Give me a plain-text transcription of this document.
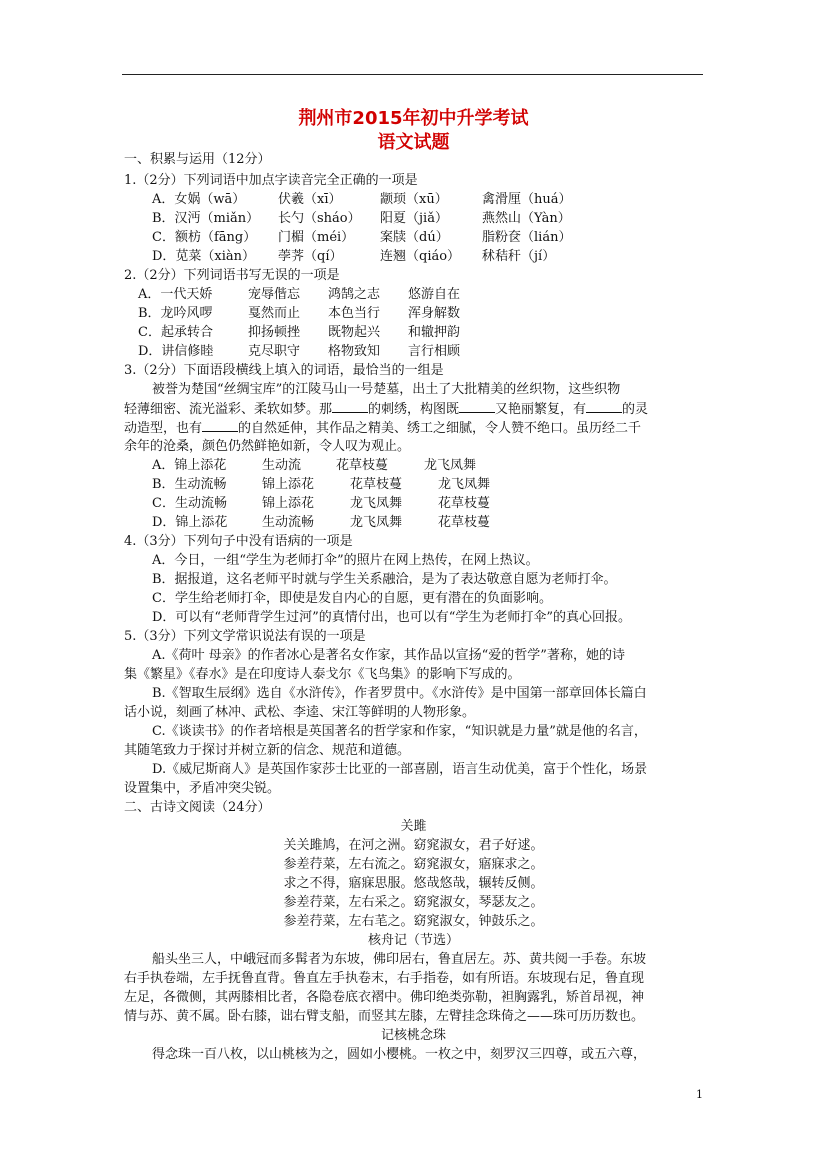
荆州市2015年初中升学考试
语文试题
一、积累与运用（12分）
1.（2分）下列词语中加点字读音完全正确的一项是
A．女娲（wā）	伏羲（xī）	颛顼（xū）	禽滑厘（huá）
B．汉沔（miǎn） 长勺（sháo） 阳夏（jiǎ）	燕然山（Yàn）
C．额枋（fāng） 门楣（méi） 案牍（dú）	脂粉奁（lián）
D．苋菜（xiàn） 荸荠（qí）	连翘（qiáo） 秫秸秆（jí）
2.（2分）下列词语书写无误的一项是
A．一代天娇	宠辱偕忘 鸿鹄之志 悠游自在
B．龙吟风啰	戛然而止 本色当行 浑身解数
C．起承转合	抑扬顿挫 既物起兴 和辙押韵
D．讲信修睦	克尽职守 格物致知 言行相顾
3.（2分）下面语段横线上填入的词语，最恰当的一组是
被誉为楚国“丝绸宝库”的江陵马山一号楚墓，出土了大批精美的丝织物，这些织物
轻薄细密、流光溢彩、柔软如梦。那	的刺绣，构图既	又艳丽繁复，有	的灵
动造型，也有	的自然延伸，其作品之精美、绣工之细腻，令人赞不绝口。虽历经二千
余年的沧桑，颜色仍然鲜艳如新，令人叹为观止。
A．锦上添花	生动流	花草枝蔓	龙飞凤舞
B．生动流畅	锦上添花	花草枝蔓	龙飞凤舞
C．生动流畅	锦上添花	龙飞凤舞	花草枝蔓
D．锦上添花	生动流畅	龙飞凤舞	花草枝蔓
4.（3分）下列句子中没有语病的一项是
A．今日，一组“学生为老师打伞”的照片在网上热传，在网上热议。
B．据报道，这名老师平时就与学生关系融洽，是为了表达敬意自愿为老师打伞。
C．学生给老师打伞，即使是发自内心的自愿，更有潜在的负面影响。
D．可以有“老师背学生过河”的真情付出，也可以有“学生为老师打伞”的真心回报。
5.（3分）下列文学常识说法有误的一项是
A.《荷叶 母亲》的作者冰心是著名女作家，其作品以宣扬“爱的哲学”著称，她的诗
集《繁星》《春水》是在印度诗人泰戈尔《飞鸟集》的影响下写成的。
B.《智取生辰纲》选自《水浒传》，作者罗贯中。《水浒传》是中国第一部章回体长篇白
话小说，刻画了林冲、武松、李逵、宋江等鲜明的人物形象。
C.《谈读书》的作者培根是英国著名的哲学家和作家，“知识就是力量”就是他的名言，
其随笔致力于探讨并树立新的信念、规范和道德。
D.《威尼斯商人》是英国作家莎士比亚的一部喜剧，语言生动优美，富于个性化，场景
设置集中，矛盾冲突尖锐。
二、古诗文阅读（24分）
关雎
关关雎鸠，在河之洲。窈窕淑女，君子好逑。
参差荇菜，左右流之。窈窕淑女，寤寐求之。
求之不得，寤寐思服。悠哉悠哉，辗转反侧。
参差荇菜，左右采之。窈窕淑女，琴瑟友之。
参差荇菜，左右芼之。窈窕淑女，钟鼓乐之。
核舟记（节选）
船头坐三人，中峨冠而多髯者为东坡，佛印居右，鲁直居左。苏、黄共阅一手卷。东坡
右手执卷端，左手抚鲁直背。鲁直左手执卷末，右手指卷，如有所语。东坡现右足，鲁直现
左足，各微侧，其两膝相比者，各隐卷底衣褶中。佛印绝类弥勒，袒胸露乳，矫首昂视，神
情与苏、黄不属。卧右膝，诎右臂支船，而竖其左膝，左臂挂念珠倚之——珠可历历数也。
记核桃念珠
得念珠一百八枚，以山桃核为之，圆如小樱桃。一枚之中，刻罗汉三四尊，或五六尊，
1
